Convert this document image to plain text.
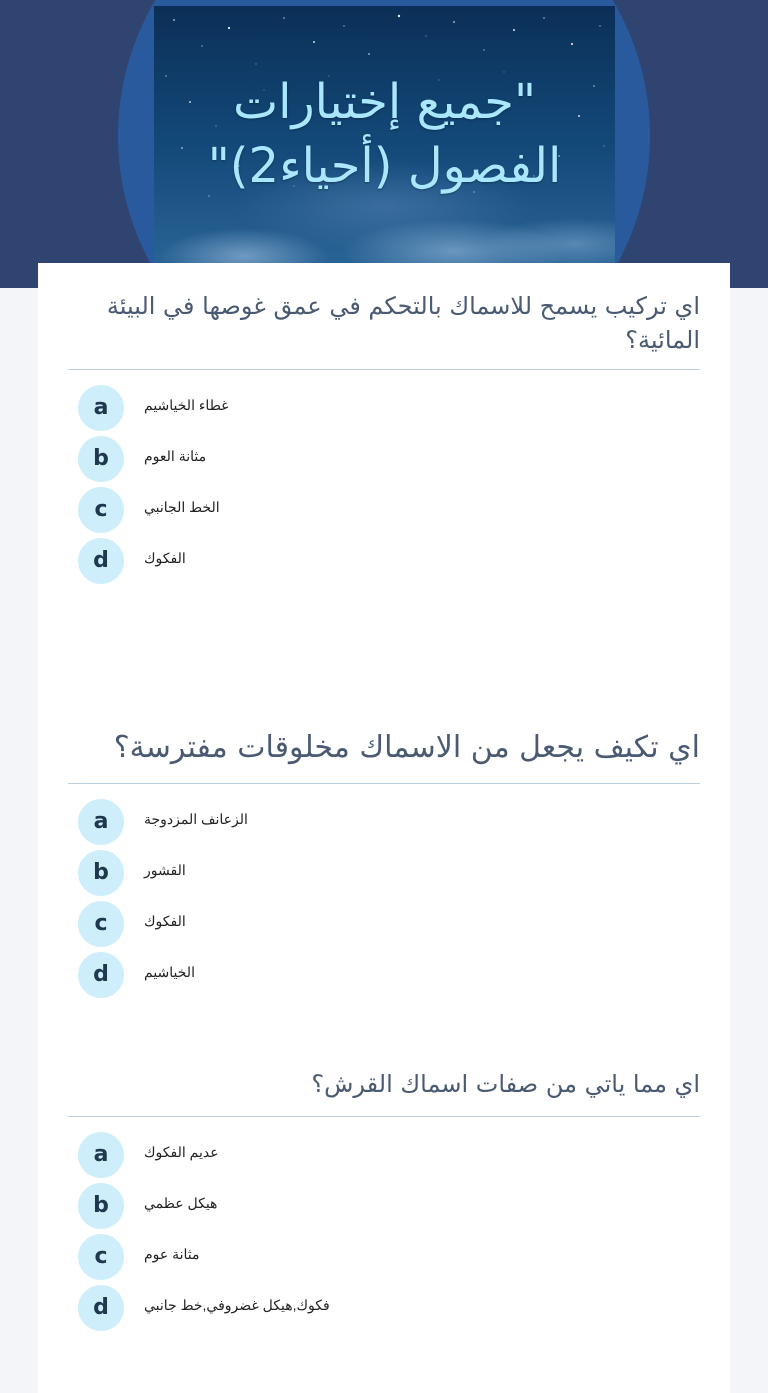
"جميع إختيارات الفصول (أحياء2)"

اي تركيب يسمح للاسماك بالتحكم في عمق غوصها في البيئة المائية؟

a	غطاء الخياشيم
b	مثانة العوم
c	الخط الجانبي
d	الفكوك

اي تكيف يجعل من الاسماك مخلوقات مفترسة؟

a	الزعانف المزدوجة
b	القشور
c	الفكوك
d	الخياشيم

اي مما ياتي من صفات اسماك القرش؟

a	عديم الفكوك
b	هيكل عظمي
c	مثانة عوم
d	فكوك,هيكل غضروفي,خط جانبي
